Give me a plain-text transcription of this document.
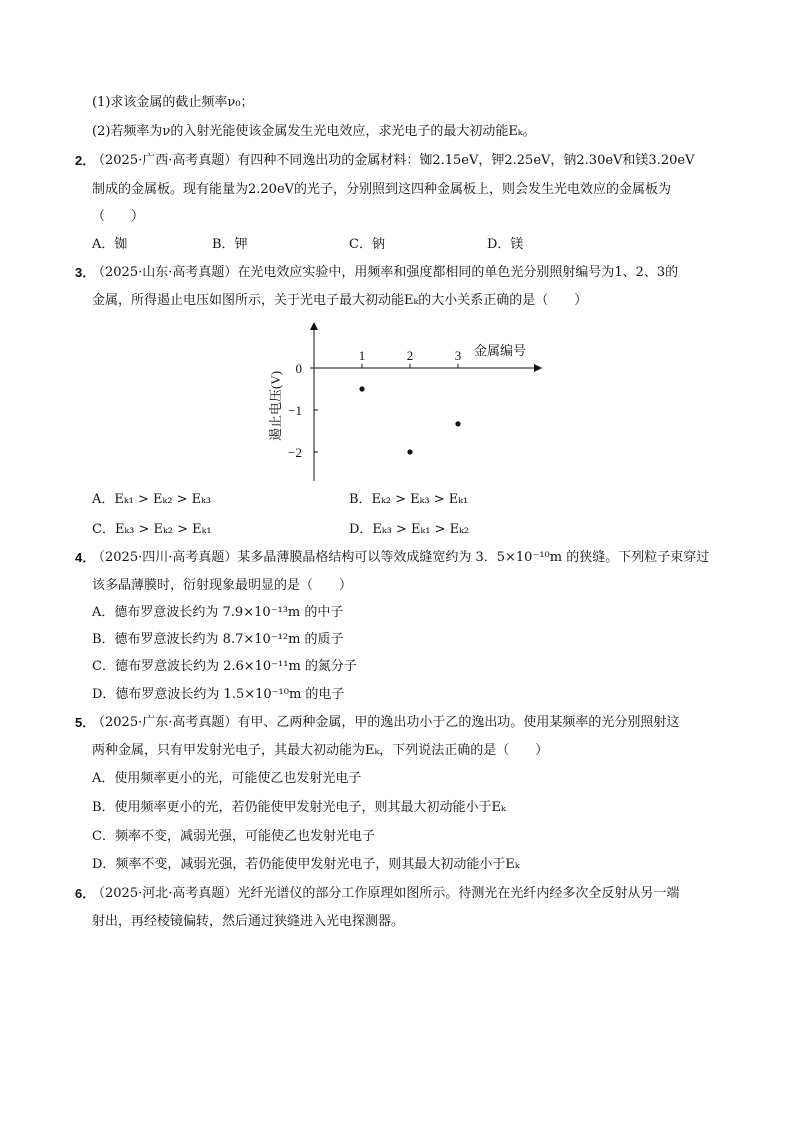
(1)求该金属的截止频率ν₀；
(2)若频率为ν的入射光能使该金属发生光电效应，求光电子的最大初动能Eₖ。
2．
（2025·广西·高考真题）有四种不同逸出功的金属材料：铷2.15eV，钾2.25eV，钠2.30eV和镁3.20eV
制成的金属板。现有能量为2.20eV的光子，分别照到这四种金属板上，则会发生光电效应的金属板为
（　　）
A．铷	B．钾	C．钠	D．镁
3．
（2025·山东·高考真题）在光电效应实验中，用频率和强度都相同的单色光分别照射编号为1、2、3的
金属，所得遏止电压如图所示，关于光电子最大初动能Eₖ的大小关系正确的是（　　）
1	2	3 金属编号
0
−1
−2
遏止电压(V)
A．Eₖ₁ > Eₖ₂ > Eₖ₃	B．Eₖ₂ > Eₖ₃ > Eₖ₁
C．Eₖ₃ > Eₖ₂ > Eₖ₁	D．Eₖ₃ > Eₖ₁ > Eₖ₂
4．
（2025·四川·高考真题）某多晶薄膜晶格结构可以等效成缝宽约为 3．5×10⁻¹⁰m 的狭缝。下列粒子束穿过
该多晶薄膜时，衍射现象最明显的是（　　）
A．德布罗意波长约为 7.9×10⁻¹³m 的中子
B．德布罗意波长约为 8.7×10⁻¹²m 的质子
C．德布罗意波长约为 2.6×10⁻¹¹m 的氮分子
D．德布罗意波长约为 1.5×10⁻¹⁰m 的电子
5．
（2025·广东·高考真题）有甲、乙两种金属，甲的逸出功小于乙的逸出功。使用某频率的光分别照射这
两种金属，只有甲发射光电子，其最大初动能为Eₖ，下列说法正确的是（　　）
A．使用频率更小的光，可能使乙也发射光电子
B．使用频率更小的光，若仍能使甲发射光电子，则其最大初动能小于Eₖ
C．频率不变，减弱光强，可能使乙也发射光电子
D．频率不变，减弱光强，若仍能使甲发射光电子，则其最大初动能小于Eₖ
6．
（2025·河北·高考真题）光纤光谱仪的部分工作原理如图所示。待测光在光纤内经多次全反射从另一端
射出，再经棱镜偏转，然后通过狭缝进入光电探测器。
